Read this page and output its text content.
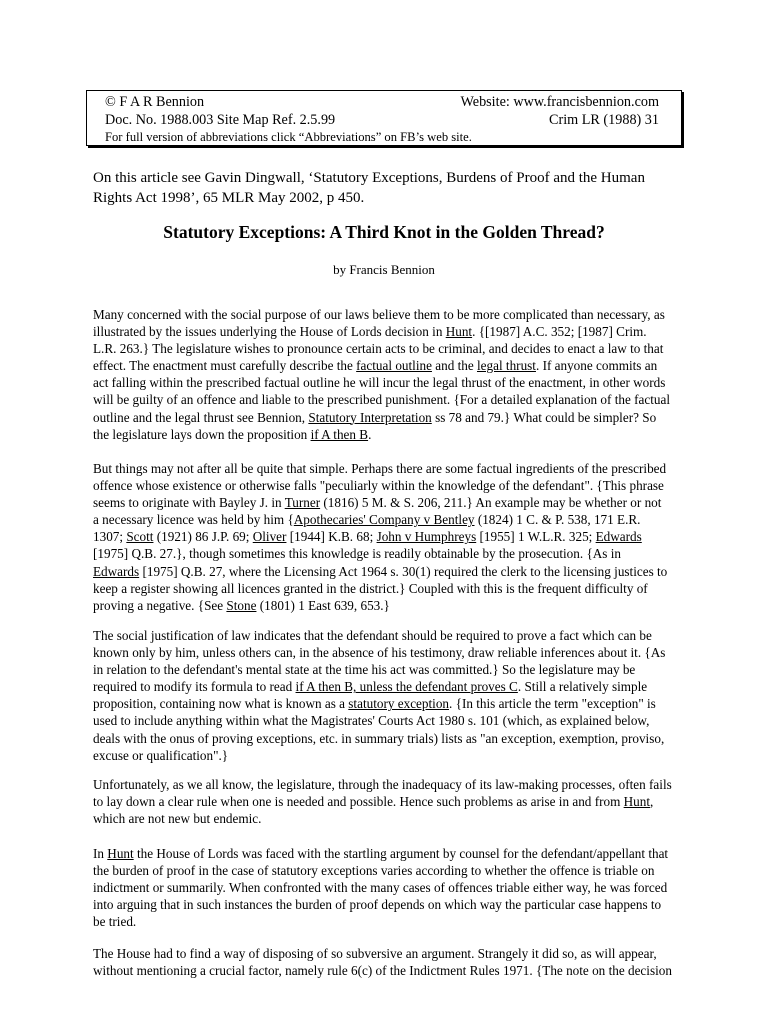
© F A R Bennion	Website: www.francisbennion.com
Doc. No. 1988.003 Site Map Ref. 2.5.99	Crim LR (1988) 31
For full version of abbreviations click “Abbreviations” on FB’s web site.
On this article see Gavin Dingwall, ‘Statutory Exceptions, Burdens of Proof and the Human
Rights Act 1998’, 65 MLR May 2002, p 450.
Statutory Exceptions: A Third Knot in the Golden Thread?
by Francis Bennion
Many concerned with the social purpose of our laws believe them to be more complicated than necessary, as
illustrated by the issues underlying the House of Lords decision in Hunt. {[1987] A.C. 352; [1987] Crim.
L.R. 263.} The legislature wishes to pronounce certain acts to be criminal, and decides to enact a law to that
effect. The enactment must carefully describe the factual outline and the legal thrust. If anyone commits an
act falling within the prescribed factual outline he will incur the legal thrust of the enactment, in other words
will be guilty of an offence and liable to the prescribed punishment. {For a detailed explanation of the factual
outline and the legal thrust see Bennion, Statutory Interpretation ss 78 and 79.} What could be simpler? So
the legislature lays down the proposition if A then B.
But things may not after all be quite that simple. Perhaps there are some factual ingredients of the prescribed
offence whose existence or otherwise falls "peculiarly within the knowledge of the defendant". {This phrase
seems to originate with Bayley J. in Turner (1816) 5 M. & S. 206, 211.} An example may be whether or not
a necessary licence was held by him {Apothecaries' Company v Bentley (1824) 1 C. & P. 538, 171 E.R.
1307; Scott (1921) 86 J.P. 69; Oliver [1944] K.B. 68; John v Humphreys [1955] 1 W.L.R. 325; Edwards
[1975] Q.B. 27.}, though sometimes this knowledge is readily obtainable by the prosecution. {As in
Edwards [1975] Q.B. 27, where the Licensing Act 1964 s. 30(1) required the clerk to the licensing justices to
keep a register showing all licences granted in the district.} Coupled with this is the frequent difficulty of
proving a negative. {See Stone (1801) 1 East 639, 653.}
The social justification of law indicates that the defendant should be required to prove a fact which can be
known only by him, unless others can, in the absence of his testimony, draw reliable inferences about it. {As
in relation to the defendant's mental state at the time his act was committed.} So the legislature may be
required to modify its formula to read if A then B, unless the defendant proves C. Still a relatively simple
proposition, containing now what is known as a statutory exception. {In this article the term "exception" is
used to include anything within what the Magistrates' Courts Act 1980 s. 101 (which, as explained below,
deals with the onus of proving exceptions, etc. in summary trials) lists as "an exception, exemption, proviso,
excuse or qualification".}
Unfortunately, as we all know, the legislature, through the inadequacy of its law-making processes, often fails
to lay down a clear rule when one is needed and possible. Hence such problems as arise in and from Hunt,
which are not new but endemic.
In Hunt the House of Lords was faced with the startling argument by counsel for the defendant/appellant that
the burden of proof in the case of statutory exceptions varies according to whether the offence is triable on
indictment or summarily. When confronted with the many cases of offences triable either way, he was forced
into arguing that in such instances the burden of proof depends on which way the particular case happens to
be tried.
The House had to find a way of disposing of so subversive an argument. Strangely it did so, as will appear,
without mentioning a crucial factor, namely rule 6(c) of the Indictment Rules 1971. {The note on the decision
